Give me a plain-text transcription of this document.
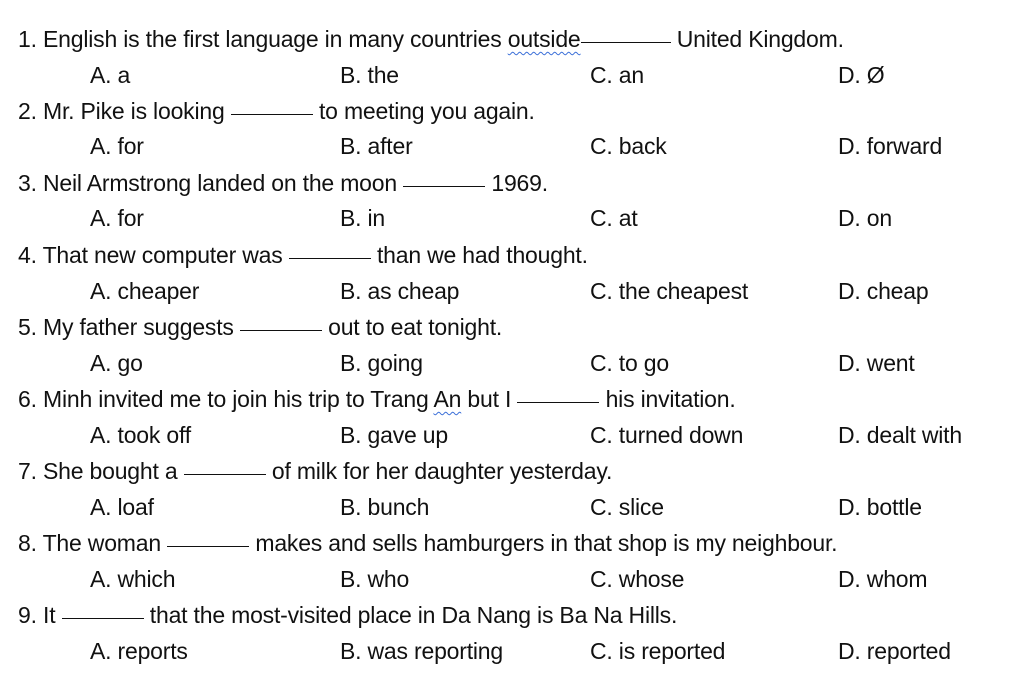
1. English is the first language in many countries outside	United Kingdom.
A. a	B. the	C. an	D. Ø
2. Mr. Pike is looking	to meeting you again.
A. for	B. after	C. back	D. forward
3. Neil Armstrong landed on the moon	1969.
A. for	B. in	C. at	D. on
4. That new computer was	than we had thought.
A. cheaper	B. as cheap	C. the cheapest	D. cheap
5. My father suggests	out to eat tonight.
A. go	B. going	C. to go	D. went
6. Minh invited me to join his trip to Trang An but I	his invitation.
A. took off	B. gave up	C. turned down	D. dealt with
7. She bought a	of milk for her daughter yesterday.
A. loaf	B. bunch	C. slice	D. bottle
8. The woman	makes and sells hamburgers in that shop is my neighbour.
A. which	B. who	C. whose	D. whom
9. It	that the most-visited place in Da Nang is Ba Na Hills.
A. reports	B. was reporting	C. is reported	D. reported
